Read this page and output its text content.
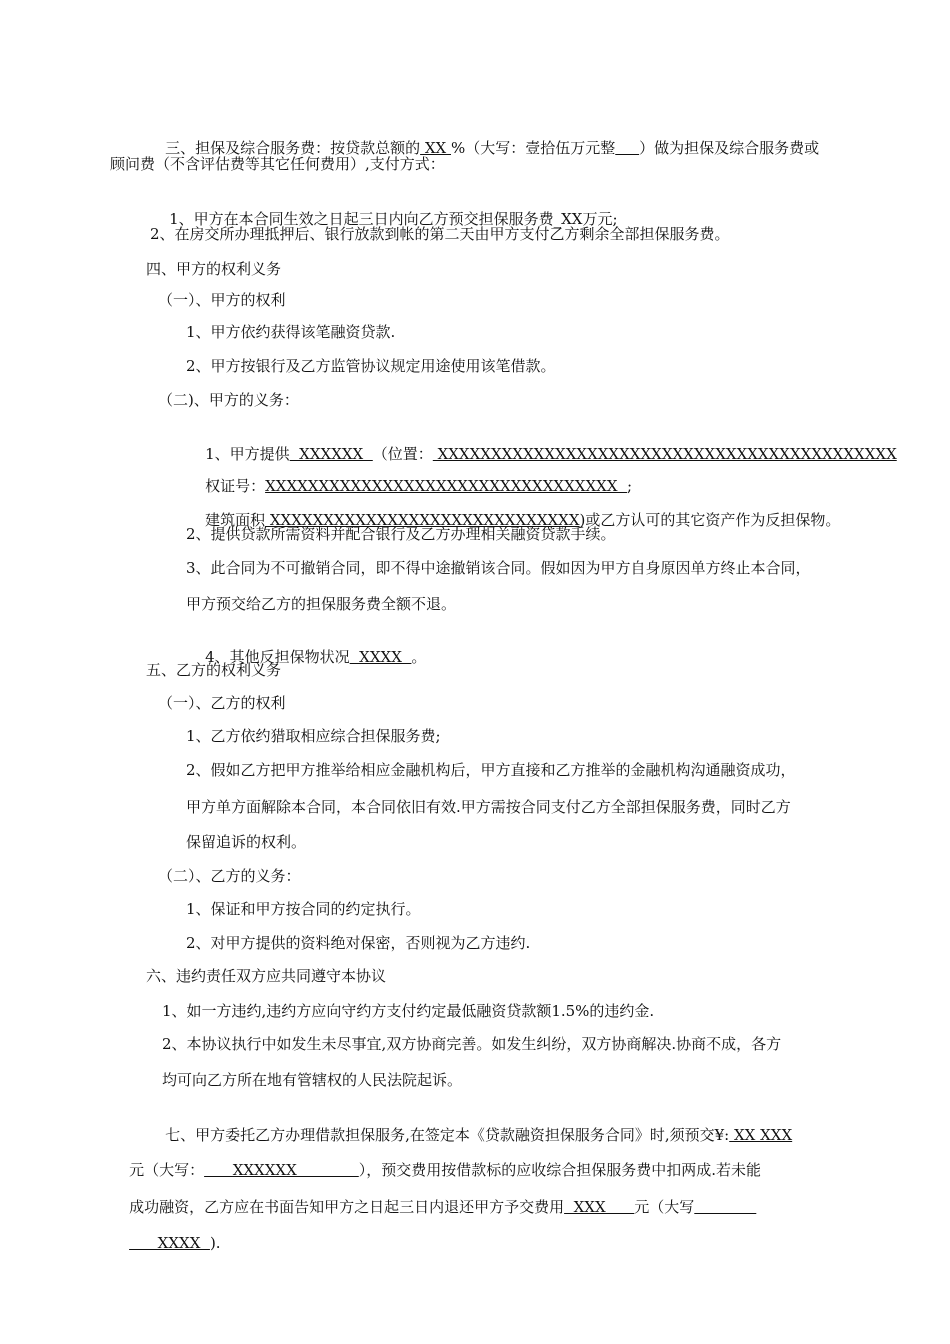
三、担保及综合服务费：按贷款总额的 XX %（大写：壹拾伍万元整 ）做为担保及综合服务费或

顾问费（不含评估费等其它任何费用）,支付方式：

1、甲方在本合同生效之日起三日内向乙方预交担保服务费_XX万元;

2、在房交所办理抵押后、银行放款到帐的第二天由甲方支付乙方剩余全部担保服务费。
四、甲方的权利义务
（一）、甲方的权利
1、甲方依约获得该笔融资贷款.
2、甲方按银行及乙方监管协议规定用途使用该笔借款。
（二)、甲方的义务：

1、甲方提供  XXXXXX  （位置： XXXXXXXXXXXXXXXXXXXXXXXXXXXXXXXXXXXXXXXXXXX

权证号：XXXXXXXXXXXXXXXXXXXXXXXXXXXXXXXXX  ;

建筑面积 XXXXXXXXXXXXXXXXXXXXXXXXXXXXX)或乙方认可的其它资产作为反担保物。

2、提供贷款所需资料并配合银行及乙方办理相关融资贷款手续。
3、此合同为不可撤销合同，即不得中途撤销该合同。假如因为甲方自身原因单方终止本合同，
甲方预交给乙方的担保服务费全额不退。

4、其他反担保物状况  XXXX  。

五、乙方的权利义务
（一）、乙方的权利
1、乙方依约猎取相应综合担保服务费;
2、假如乙方把甲方推举给相应金融机构后，甲方直接和乙方推举的金融机构沟通融资成功，
甲方单方面解除本合同，本合同依旧有效.甲方需按合同支付乙方全部担保服务费，同时乙方
保留追诉的权利。
（二）、乙方的义务：
1、保证和甲方按合同的约定执行。
2、对甲方提供的资料绝对保密，否则视为乙方违约.
六、违约责任双方应共同遵守本协议
1、如一方违约,违约方应向守约方支付约定最低融资贷款额1.5%的违约金.
2、本协议执行中如发生未尽事宜,双方协商完善。如发生纠纷，双方协商解决.协商不成，各方
均可向乙方所在地有管辖权的人民法院起诉。

七、甲方委托乙方办理借款担保服务,在签定本《贷款融资担保服务合同》时,须预交¥: XX XXX

元（大写：      XXXXXX             ），预交费用按借款标的应收综合担保服务费中扣两成.若未能

成功融资，乙方应在书面告知甲方之日起三日内退还甲方予交费用  XXX      元（大写

XXXX  ).
